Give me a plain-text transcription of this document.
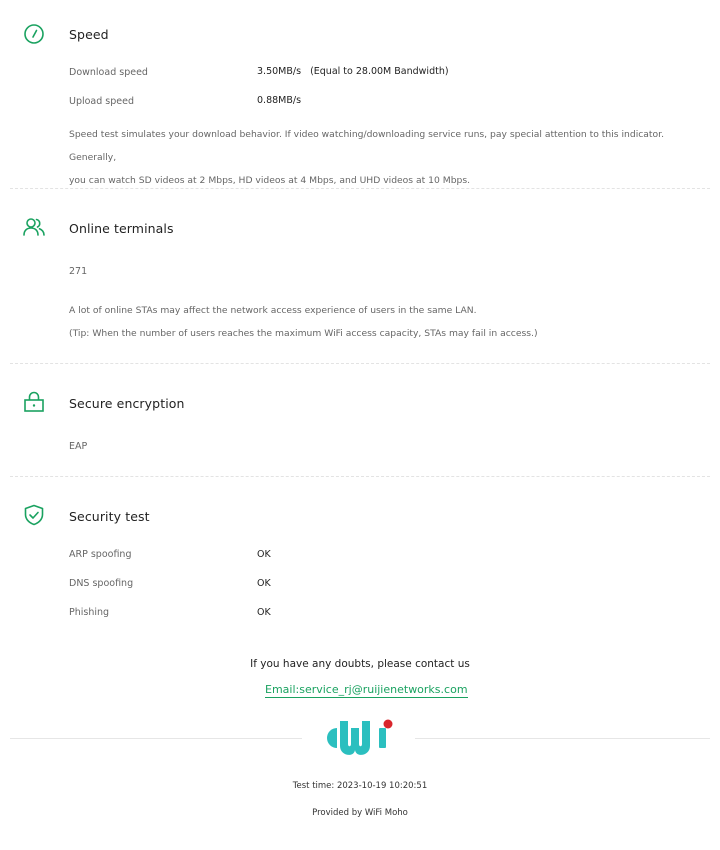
Speed
Download speed	3.50MB/s (Equal to 28.00M Bandwidth)
Upload speed	0.88MB/s
Speed test simulates your download behavior. If video watching/downloading service runs, pay special attention to this indicator. Generally,
you can watch SD videos at 2 Mbps, HD videos at 4 Mbps, and UHD videos at 10 Mbps.
Online terminals
271
A lot of online STAs may affect the network access experience of users in the same LAN.
(Tip: When the number of users reaches the maximum WiFi access capacity, STAs may fail in access.)
Secure encryption
EAP
Security test
ARP spoofing	OK
DNS spoofing	OK
Phishing	OK
If you have any doubts, please contact us
Email:service_rj@ruijienetworks.com
Test time: 2023-10-19 10:20:51
Provided by WiFi Moho
